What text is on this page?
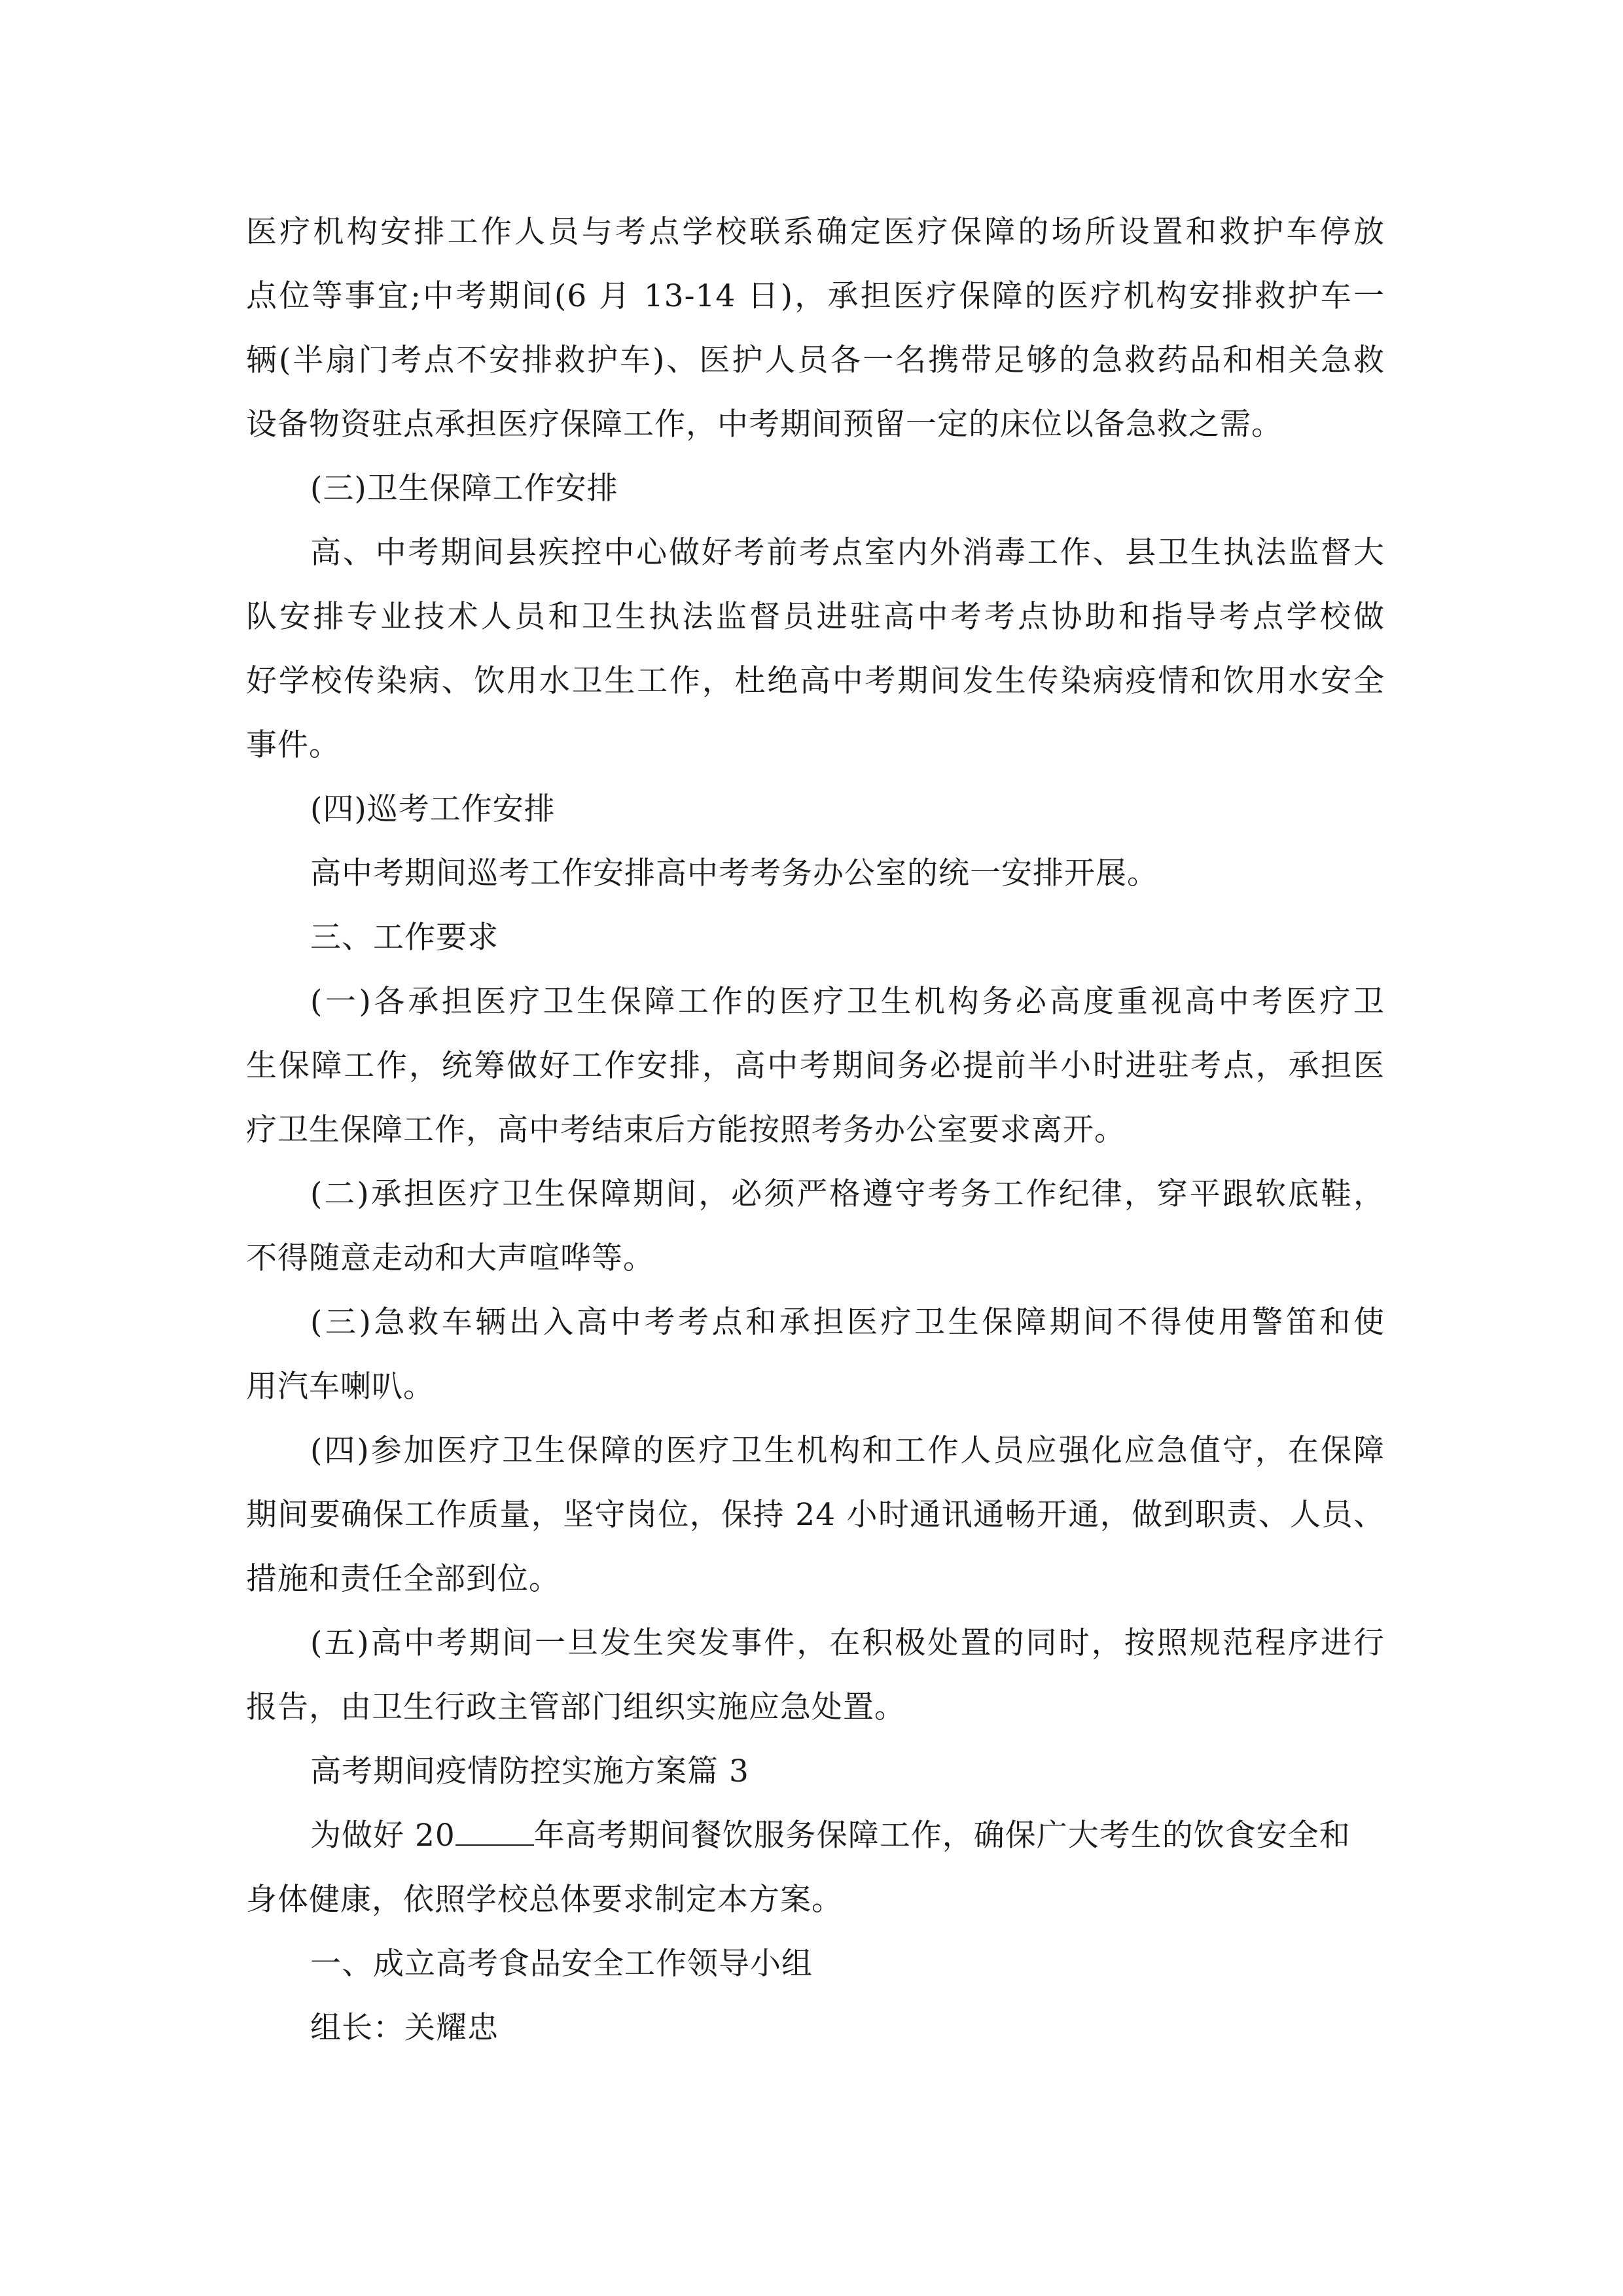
医疗机构安排工作人员与考点学校联系确定医疗保障的场所设置和救护车停放

点位等事宜;中考期间(6 月 13-14 日)，承担医疗保障的医疗机构安排救护车一

辆(半扇门考点不安排救护车)、医护人员各一名携带足够的急救药品和相关急救

设备物资驻点承担医疗保障工作，中考期间预留一定的床位以备急救之需。

(三)卫生保障工作安排

高、中考期间县疾控中心做好考前考点室内外消毒工作、县卫生执法监督大

队安排专业技术人员和卫生执法监督员进驻高中考考点协助和指导考点学校做

好学校传染病、饮用水卫生工作，杜绝高中考期间发生传染病疫情和饮用水安全

事件。

(四)巡考工作安排

高中考期间巡考工作安排高中考考务办公室的统一安排开展。

三、工作要求

(一)各承担医疗卫生保障工作的医疗卫生机构务必高度重视高中考医疗卫

生保障工作，统筹做好工作安排，高中考期间务必提前半小时进驻考点，承担医

疗卫生保障工作，高中考结束后方能按照考务办公室要求离开。

(二)承担医疗卫生保障期间，必须严格遵守考务工作纪律，穿平跟软底鞋，

不得随意走动和大声喧哗等。

(三)急救车辆出入高中考考点和承担医疗卫生保障期间不得使用警笛和使

用汽车喇叭。

(四)参加医疗卫生保障的医疗卫生机构和工作人员应强化应急值守，在保障

期间要确保工作质量，坚守岗位，保持 24 小时通讯通畅开通，做到职责、人员、

措施和责任全部到位。

(五)高中考期间一旦发生突发事件，在积极处置的同时，按照规范程序进行

报告，由卫生行政主管部门组织实施应急处置。

高考期间疫情防控实施方案篇 3

为做好 20	年高考期间餐饮服务保障工作，确保广大考生的饮食安全和

身体健康，依照学校总体要求制定本方案。

一、成立高考食品安全工作领导小组

组长：关耀忠
